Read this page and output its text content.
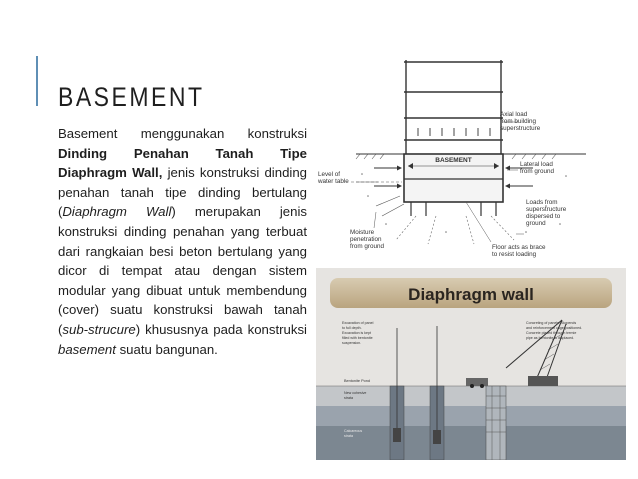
BASEMENT

Basement menggunakan konstruksi Dinding Penahan Tanah Tipe Diaphragm Wall, jenis konstruksi dinding penahan tanah tipe dinding bertulang (Diaphragm Wall) merupakan jenis konstruksi dinding penahan yang terbuat dari rangkaian besi beton bertulang yang dicor di tempat atau dengan sistem modular yang dibuat untuk membendung (cover) suatu konstruksi bawah tanah (sub-strucure) khususnya pada konstruksi basement suatu bangunan.

BASEMENT
Axial load
from building
superstructure
Lateral load
from ground
Level of
water table
Loads from
superstructure
dispersed to
ground
Moisture
penetration
from ground	Floor acts as brace
to resist loading
Diaphragm wall
Excavation of panel
to full depth.
Excavation is kept
filled with bentonite
suspension.
Concreting of panels. Stopends
and reinforcement cage positioned.
Concrete placed through tremie
pipe as bentonite is displaced.
Bentonite Pond
New cohesive
strata
Calcareous
strata
